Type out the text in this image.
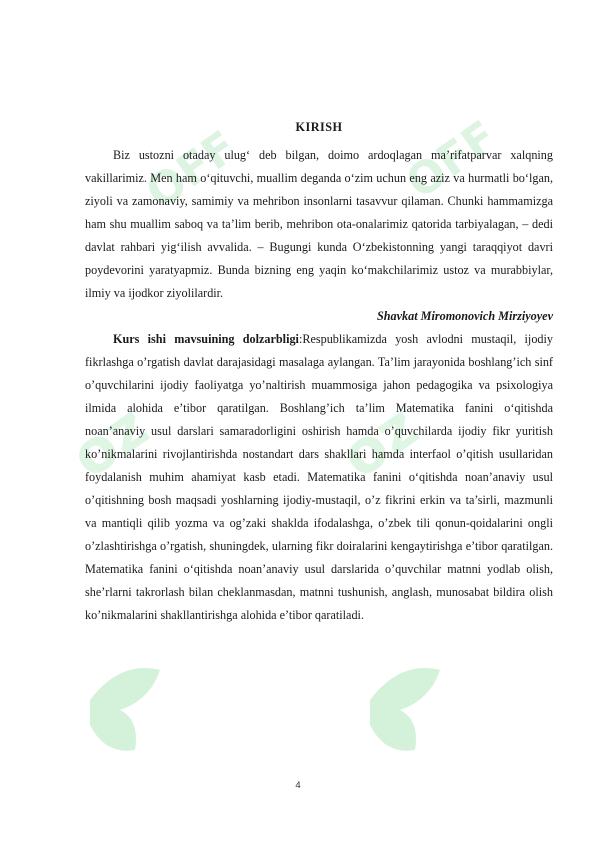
OFF	OFF
oz	oz
KIRISH

Biz ustozni otaday ulug‘ deb bilgan, doimo ardoqlagan ma’rifatparvar xalqning vakillarimiz. Men ham o‘qituvchi, muallim deganda o‘zim uchun eng aziz va hurmatli bo‘lgan, ziyoli va zamonaviy, samimiy va mehribon insonlarni tasavvur qilaman. Chunki hammamizga ham shu muallim saboq va ta’lim berib, mehribon ota-onalarimiz qatorida tarbiyalagan, – dedi davlat rahbari yig‘ilish avvalida. – Bugungi kunda O‘zbekistonning yangi taraqqiyot davri poydevorini yaratyapmiz. Bunda bizning eng yaqin ko‘makchilarimiz ustoz va murabbiylar, ilmiy va ijodkor ziyolilardir.

Shavkat Miromonovich Mirziyoyev

Kurs ishi mavsuining dolzarbligi:Respublikamizda yosh avlodni mustaqil, ijodiy fikrlashga o’rgatish davlat darajasidagi masalaga aylangan. Ta’lim jarayonida boshlang’ich sinf o’quvchilarini ijodiy faoliyatga yo’naltirish muammosiga jahon pedagogika va psixologiya ilmida alohida e’tibor qaratilgan. Boshlang’ich ta’lim Matematika fanini o‘qitishda noan’anaviy usul darslari samaradorligini oshirish hamda o’quvchilarda ijodiy fikr yuritish ko’nikmalarini rivojlantirishda nostandart dars shakllari hamda interfaol o’qitish usullaridan foydalanish muhim ahamiyat kasb etadi. Matematika fanini o‘qitishda noan’anaviy usul o’qitishning bosh maqsadi yoshlarning ijodiy-mustaqil, o’z fikrini erkin va ta’sirli, mazmunli va mantiqli qilib yozma va og’zaki shaklda ifodalashga, o’zbek tili qonun-qoidalarini ongli o’zlashtirishga o’rgatish, shuningdek, ularning fikr doiralarini kengaytirishga e’tibor qaratilgan. Matematika fanini o‘qitishda noan’anaviy usul darslarida o’quvchilar matnni yodlab olish, she’rlarni takrorlash bilan cheklanmasdan, matnni tushunish, anglash, munosabat bildira olish ko’nikmalarini shakllantirishga alohida e’tibor qaratiladi.

4
